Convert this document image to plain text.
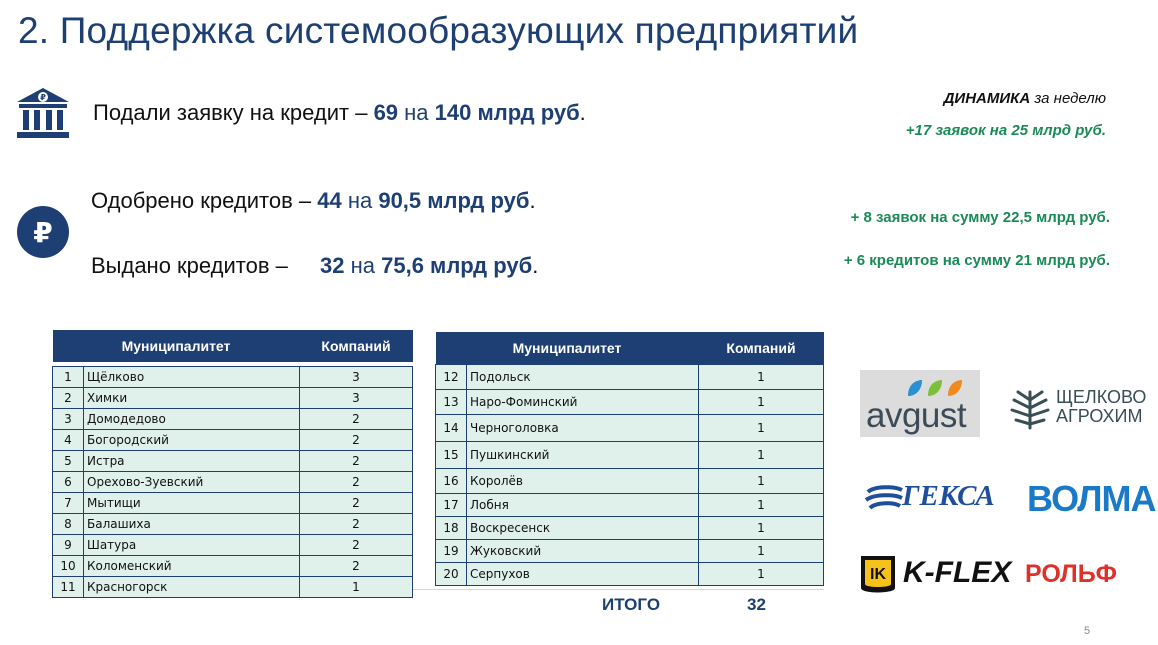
2. Поддержка системообразующих предприятий
₽
Подали заявку на кредит – 69 на 140 млрд руб.
₽
Одобрено кредитов – 44 на 90,5 млрд руб.
Выдано кредитов – 32 на 75,6 млрд руб.
ДИНАМИКА за неделю
+17 заявок на 25 млрд руб.
+ 8 заявок на сумму 22,5 млрд руб.
+ 6 кредитов на сумму 21 млрд руб.
Муниципалитет		Компаний

1	Щёлково	3
2	Химки	3
3	Домодедово	2
4	Богородский	2
5	Истра	2
6	Орехово-Зуевский	2
7	Мытищи	2
8	Балашиха	2
9	Шатура	2
10	Коломенский	2
11	Красногорск	1
Муниципалитет		Компаний
12	Подольск	1
13	Наро-Фоминский	1
14	Черноголовка	1
15	Пушкинский	1
16	Королёв	1
17	Лобня	1
18	Воскресенск	1
19	Жуковский	1
20	Серпухов	1
ИТОГО	32
avgust	ЩЕЛКОВО
АГРОХИМ
ГЕКСА ВОЛМА
IK K-FLEX РОЛЬФ
5
